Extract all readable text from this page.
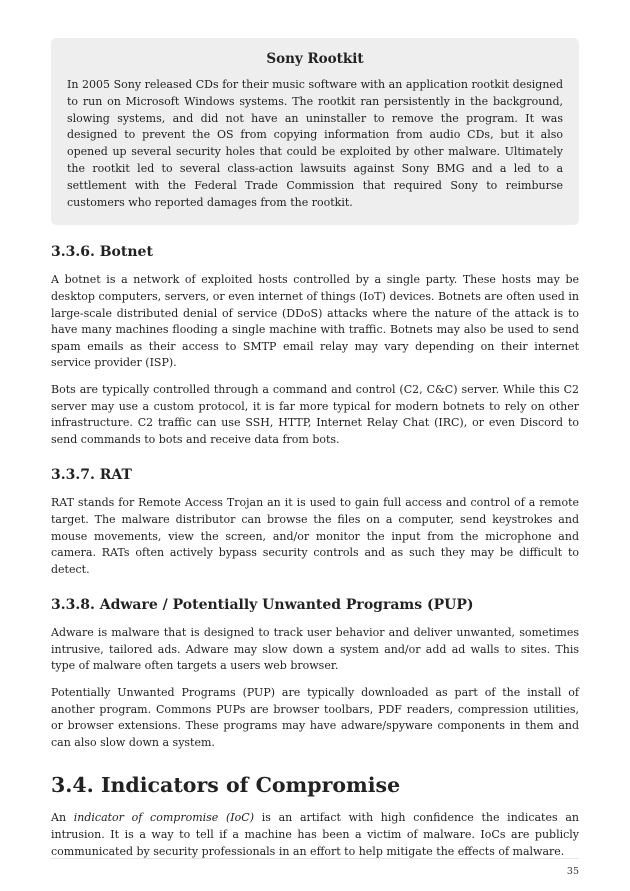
Sony Rootkit

In 2005 Sony released CDs for their music software with an application rootkit designed to run on Microsoft Windows systems. The rootkit ran persistently in the background, slowing systems, and did not have an uninstaller to remove the program. It was designed to prevent the OS from copying information from audio CDs, but it also opened up several security holes that could be exploited by other malware. Ultimately the rootkit led to several class-action lawsuits against Sony BMG and a led to a settlement with the Federal Trade Commission that required Sony to reimburse customers who reported damages from the rootkit.

3.3.6. Botnet

A botnet is a network of exploited hosts controlled by a single party. These hosts may be desktop computers, servers, or even internet of things (IoT) devices. Botnets are often used in large-scale distributed denial of service (DDoS) attacks where the nature of the attack is to have many machines flooding a single machine with traffic. Botnets may also be used to send spam emails as their access to SMTP email relay may vary depending on their internet service provider (ISP).

Bots are typically controlled through a command and control (C2, C&C) server. While this C2 server may use a custom protocol, it is far more typical for modern botnets to rely on other infrastructure. C2 traffic can use SSH, HTTP, Internet Relay Chat (IRC), or even Discord to send commands to bots and receive data from bots.

3.3.7. RAT

RAT stands for Remote Access Trojan an it is used to gain full access and control of a remote target. The malware distributor can browse the files on a computer, send keystrokes and mouse movements, view the screen, and/or monitor the input from the microphone and camera. RATs often actively bypass security controls and as such they may be difficult to detect.

3.3.8. Adware / Potentially Unwanted Programs (PUP)

Adware is malware that is designed to track user behavior and deliver unwanted, sometimes intrusive, tailored ads. Adware may slow down a system and/or add ad walls to sites. This type of malware often targets a users web browser.

Potentially Unwanted Programs (PUP) are typically downloaded as part of the install of another program. Commons PUPs are browser toolbars, PDF readers, compression utilities, or browser extensions. These programs may have adware/spyware components in them and can also slow down a system.

3.4. Indicators of Compromise

An indicator of compromise (IoC) is an artifact with high confidence the indicates an intrusion. It is a way to tell if a machine has been a victim of malware. IoCs are publicly communicated by security professionals in an effort to help mitigate the effects of malware.

35
